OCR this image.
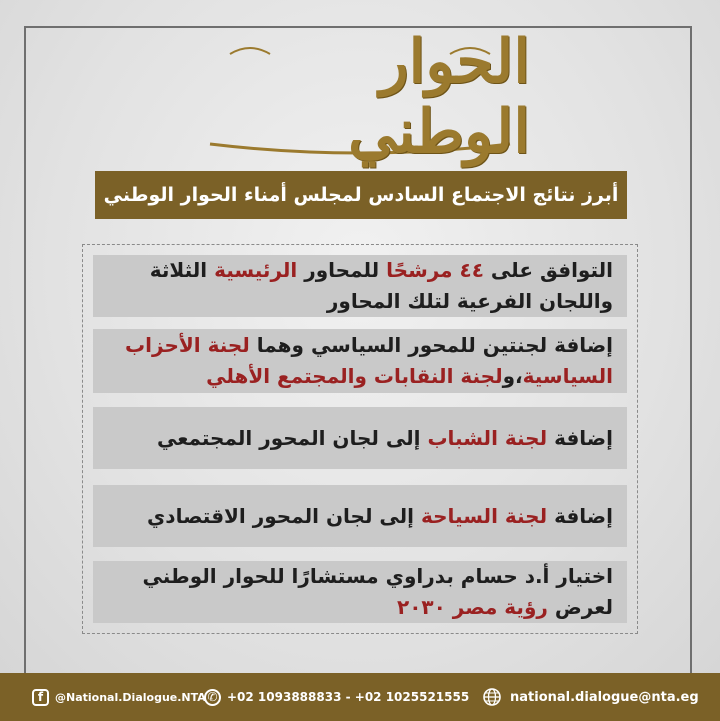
الحوار الوطني
أبرز نتائج الاجتماع السادس لمجلس أمناء الحوار الوطني
التوافق على ٤٤ مرشحًا للمحاور الرئيسية الثلاثة واللجان الفرعية لتلك المحاور
إضافة لجنتين للمحور السياسي وهما لجنة الأحزاب السياسية،ولجنة النقابات والمجتمع الأهلي
إضافة لجنة الشباب إلى لجان المحور المجتمعي
إضافة لجنة السياحة إلى لجان المحور الاقتصادي
اختيار أ.د حسام بدراوي مستشارًا للحوار الوطني لعرض رؤية مصر ٢٠٣٠
f	@National.Dialogue.NTA ✆ +02 1093888833 - +02 1025521555	national.dialogue@nta.eg
